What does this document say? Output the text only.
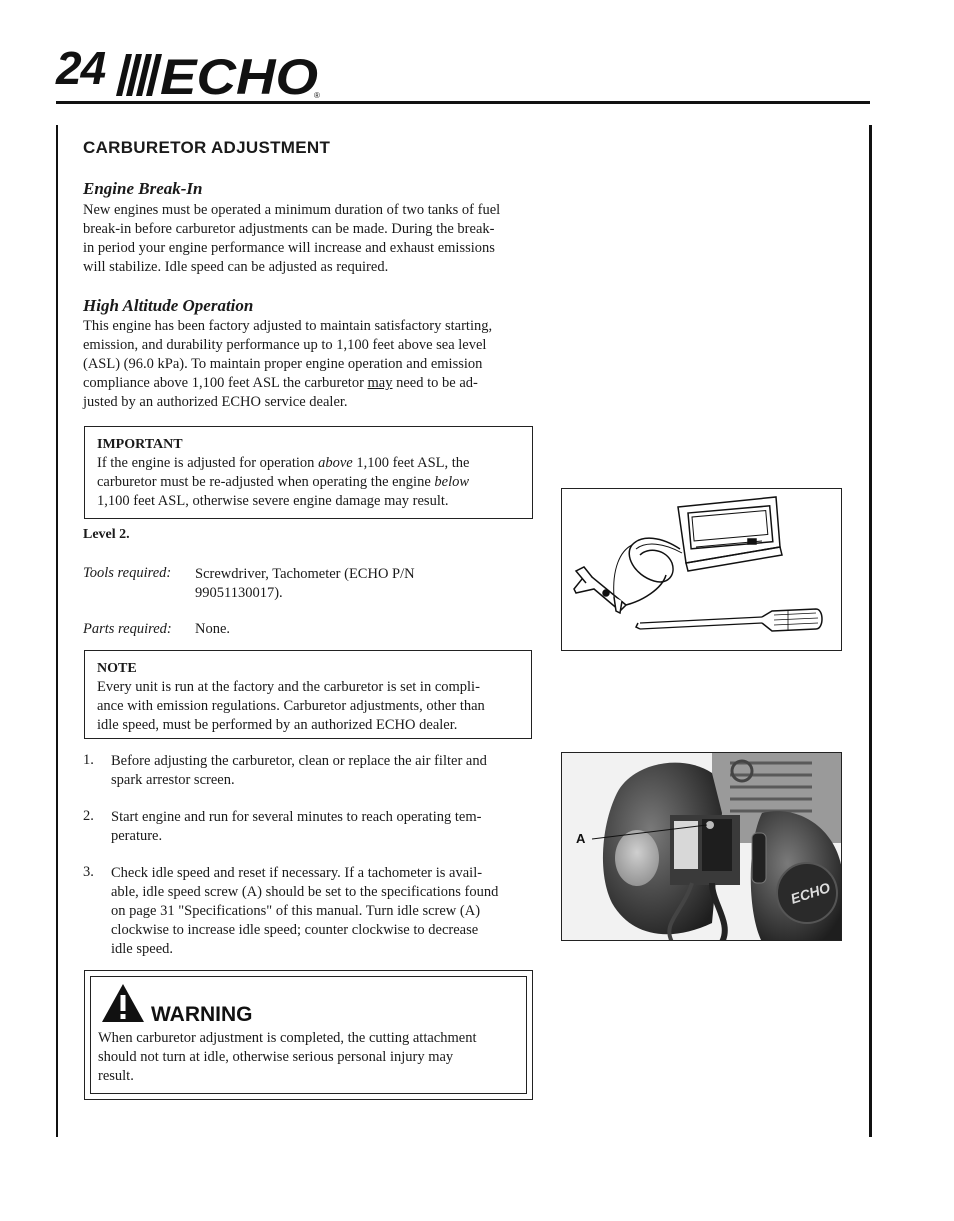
24 ECHO
®
CARBURETOR ADJUSTMENT
Engine Break-In
New engines must be operated a minimum duration of two tanks of fuel
break-in before carburetor adjustments can be made. During the break-
in period your engine performance will increase and exhaust emissions
will stabilize. Idle speed can be adjusted as required.
High Altitude Operation
This engine has been factory adjusted to maintain satisfactory starting,
emission, and durability performance up to 1,100 feet above sea level
(ASL) (96.0 kPa). To maintain proper engine operation and emission
compliance above 1,100 feet ASL the carburetor may need to be ad-
justed by an authorized ECHO service dealer.
IMPORTANT
If the engine is adjusted for operation above 1,100 feet ASL, the
carburetor must be re-adjusted when operating the engine below
1,100 feet ASL, otherwise severe engine damage may result.
Level 2.
Tools required: Screwdriver, Tachometer (ECHO P/N
99051130017).
Parts required: None.
NOTE
Every unit is run at the factory and the carburetor is set in compli-
ance with emission regulations. Carburetor adjustments, other than
idle speed, must be performed by an authorized ECHO dealer.
1.	Before adjusting the carburetor, clean or replace the air filter and
spark arrestor screen.
2.	Start engine and run for several minutes to reach operating tem-
perature.
3.	Check idle speed and reset if necessary. If a tachometer is avail-
able, idle speed screw (A) should be set to the specifications found
on page 31 "Specifications" of this manual. Turn idle screw (A)
clockwise to increase idle speed; counter clockwise to decrease
idle speed.
WARNING
When carburetor adjustment is completed, the cutting attachment
should not turn at idle, otherwise serious personal injury may
result.
ECHO
A
